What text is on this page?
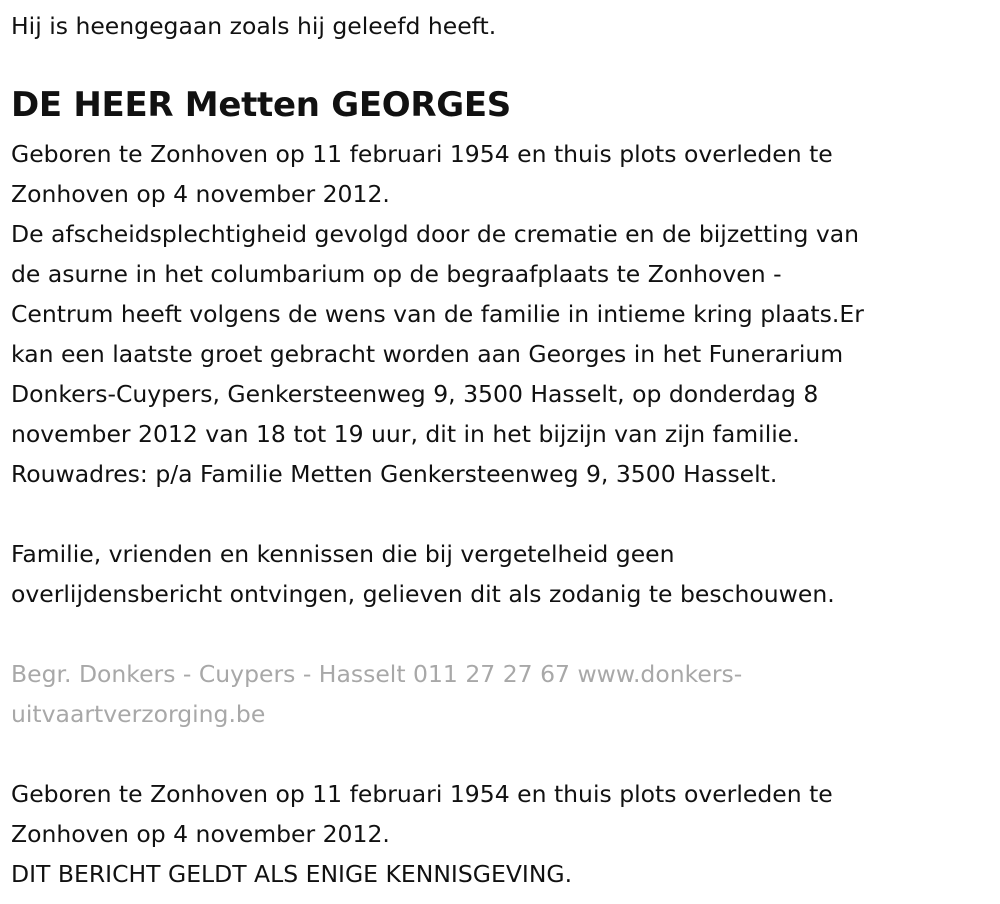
Hij is heengegaan zoals hij geleefd heeft.
DE HEER Metten GEORGES
Geboren te Zonhoven op 11 februari 1954 en thuis plots overleden te
Zonhoven op 4 november 2012.
De afscheidsplechtigheid gevolgd door de crematie en de bijzetting van
de asurne in het columbarium op de begraafplaats te Zonhoven -
Centrum heeft volgens de wens van de familie in intieme kring plaats.Er
kan een laatste groet gebracht worden aan Georges in het Funerarium
Donkers-Cuypers, Genkersteenweg 9, 3500 Hasselt, op donderdag 8
november 2012 van 18 tot 19 uur, dit in het bijzijn van zijn familie.
Rouwadres: p/a Familie Metten Genkersteenweg 9, 3500 Hasselt.
Familie, vrienden en kennissen die bij vergetelheid geen
overlijdensbericht ontvingen, gelieven dit als zodanig te beschouwen.
Begr. Donkers - Cuypers - Hasselt 011 27 27 67 www.donkers-
uitvaartverzorging.be
Geboren te Zonhoven op 11 februari 1954 en thuis plots overleden te
Zonhoven op 4 november 2012.
DIT BERICHT GELDT ALS ENIGE KENNISGEVING.
